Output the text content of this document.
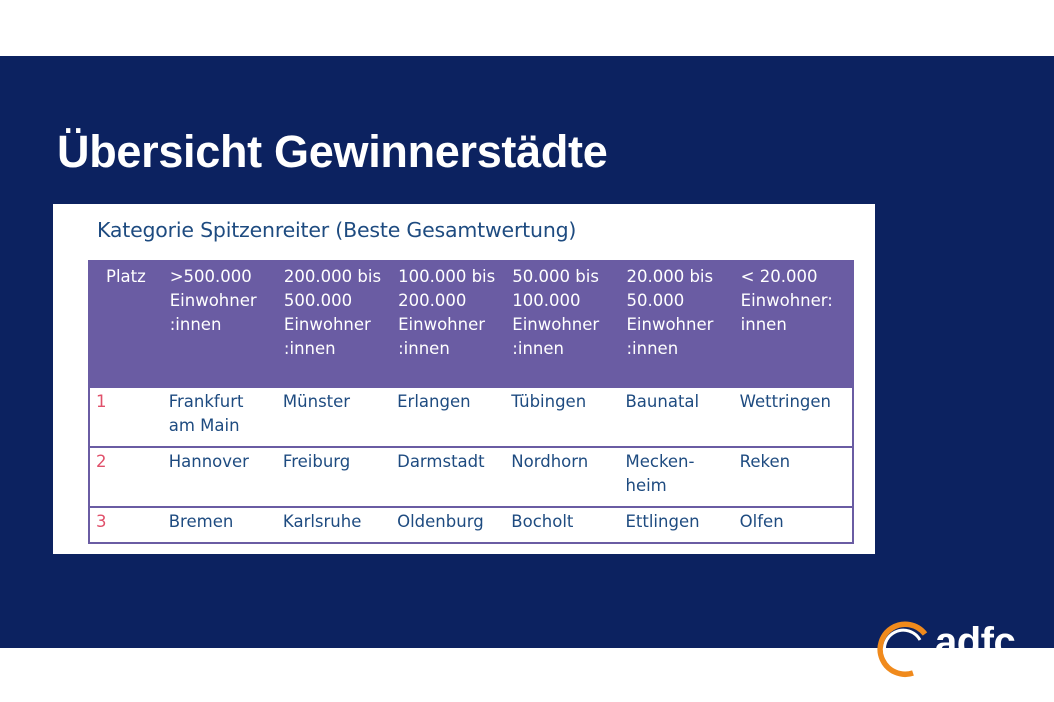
Übersicht Gewinnerstädte
Kategorie Spitzenreiter (Beste Gesamtwertung)
Platz	>500.000 Einwohner :innen	200.000 bis 500.000 Einwohner :innen	100.000 bis 200.000 Einwohner :innen	50.000 bis 100.000 Einwohner :innen	20.000 bis 50.000 Einwohner :innen	< 20.000 Einwohner: innen
1	Frankfurt am Main	Münster	Erlangen	Tübingen	Baunatal	Wettringen
2	Hannover	Freiburg	Darmstadt	Nordhorn	Mecken-heim	Reken
3	Bremen	Karlsruhe	Oldenburg	Bocholt	Ettlingen	Olfen
adfc
Bremen
